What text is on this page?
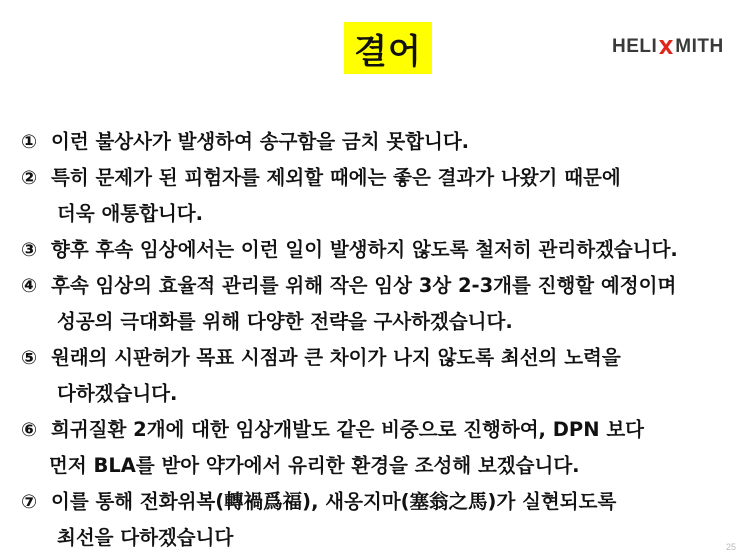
결어	HELI MITH
① 이런 불상사가 발생하여 송구함을 금치 못합니다.
② 특히 문제가 된 피험자를 제외할 때에는 좋은 결과가 나왔기 때문에
더욱 애통합니다.
③ 향후 후속 임상에서는 이런 일이 발생하지 않도록 철저히 관리하겠습니다.
④ 후속 임상의 효율적 관리를 위해 작은 임상 3상 2-3개를 진행할 예정이며
성공의 극대화를 위해 다양한 전략을 구사하겠습니다.
⑤ 원래의 시판허가 목표 시점과 큰 차이가 나지 않도록 최선의 노력을
다하겠습니다.
⑥ 희귀질환 2개에 대한 임상개발도 같은 비중으로 진행하여, DPN 보다
먼저 BLA를 받아 약가에서 유리한 환경을 조성해 보겠습니다.
⑦ 이를 통해 전화위복(轉禍爲福), 새옹지마(塞翁之馬)가 실현되도록
최선을 다하겠습니다	25
